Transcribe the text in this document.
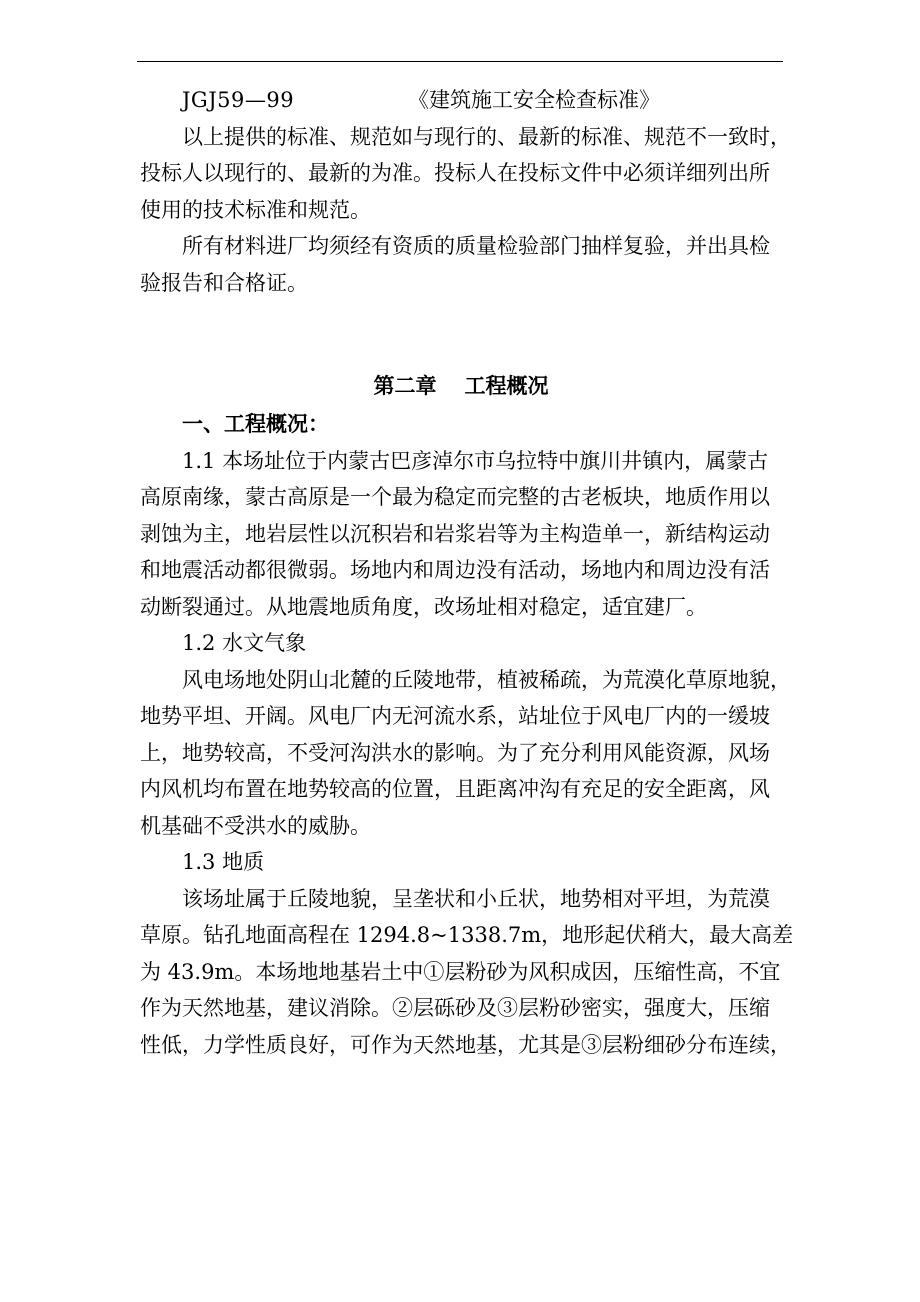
JGJ59—99	《建筑施工安全检查标准》
以上提供的标准、规范如与现行的、最新的标准、规范不一致时，
投标人以现行的、最新的为准。投标人在投标文件中必须详细列出所
使用的技术标准和规范。
所有材料进厂均须经有资质的质量检验部门抽样复验，并出具检
验报告和合格证。
第二章 工程概况
一、工程概况：
1.1 本场址位于内蒙古巴彦淖尔市乌拉特中旗川井镇内，属蒙古
高原南缘，蒙古高原是一个最为稳定而完整的古老板块，地质作用以
剥蚀为主，地岩层性以沉积岩和岩浆岩等为主构造单一，新结构运动
和地震活动都很微弱。场地内和周边没有活动，场地内和周边没有活
动断裂通过。从地震地质角度，改场址相对稳定，适宜建厂。
1.2 水文气象
风电场地处阴山北麓的丘陵地带，植被稀疏，为荒漠化草原地貌，
地势平坦、开阔。风电厂内无河流水系，站址位于风电厂内的一缓坡
上，地势较高，不受河沟洪水的影响。为了充分利用风能资源，风场
内风机均布置在地势较高的位置，且距离冲沟有充足的安全距离，风
机基础不受洪水的威胁。
1.3 地质
该场址属于丘陵地貌，呈垄状和小丘状，地势相对平坦，为荒漠
草原。钻孔地面高程在 1294.8~1338.7m，地形起伏稍大，最大高差
为 43.9m。本场地地基岩土中①层粉砂为风积成因，压缩性高，不宜
作为天然地基，建议消除。②层砾砂及③层粉砂密实，强度大，压缩
性低，力学性质良好，可作为天然地基，尤其是③层粉细砂分布连续，
